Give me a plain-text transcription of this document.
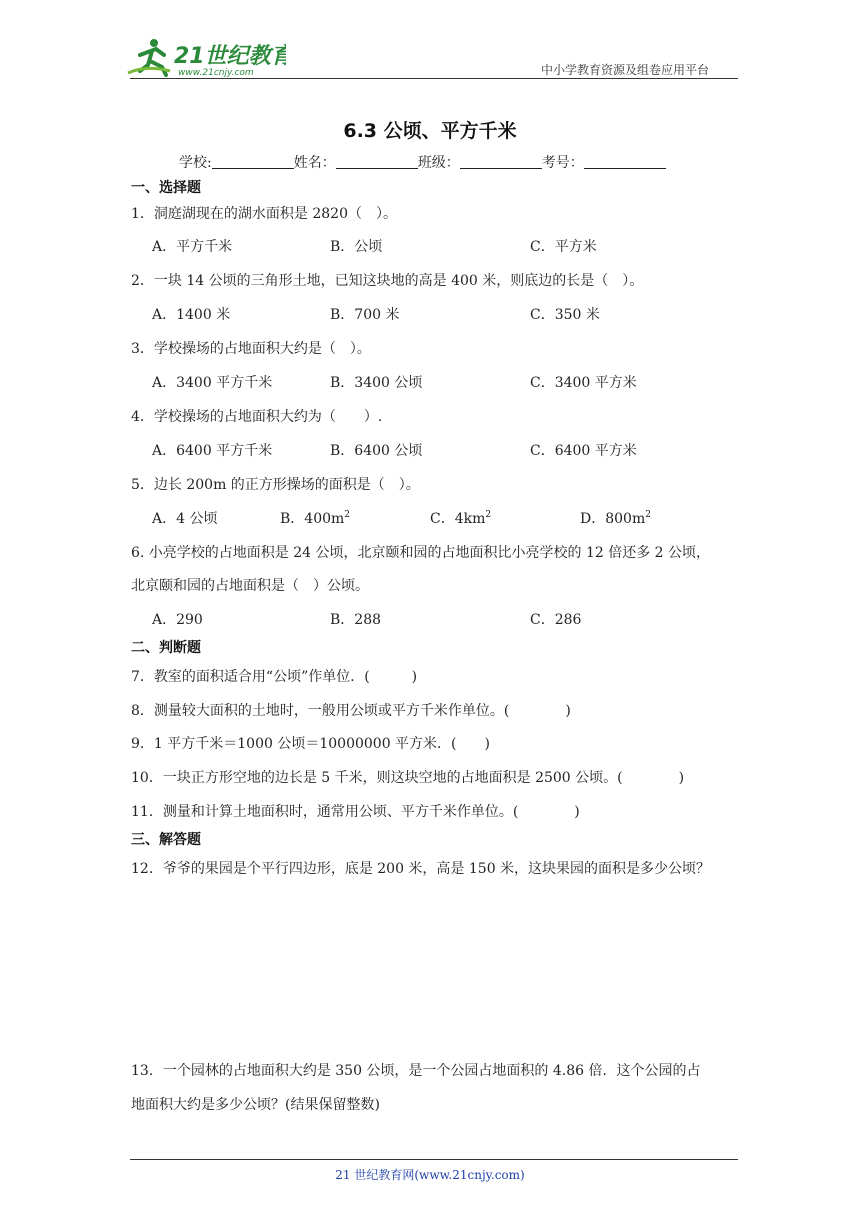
21世纪教育
www.21cnjy.com	中小学教育资源及组卷应用平台
6.3 公顷、平方千米
学校:	姓名：	班级：	考号：
一、选择题
1．洞庭湖现在的湖水面积是 2820（　）。
A．平方千米	B．公顷	C．平方米
2．一块 14 公顷的三角形土地，已知这块地的高是 400 米，则底边的长是（　）。
A．1400 米	B．700 米	C．350 米
3．学校操场的占地面积大约是（　）。
A．3400 平方千米	B．3400 公顷	C．3400 平方米
4．学校操场的占地面积大约为（　　）.
A．6400 平方千米	B．6400 公顷	C．6400 平方米
5．边长 200m 的正方形操场的面积是（　）。
A．4 公顷	B．$400m^2$	C．$4km^2$	D．$800m^2$
6. 小亮学校的占地面积是 24 公顷，北京颐和园的占地面积比小亮学校的 12 倍还多 2 公顷，
北京颐和园的占地面积是（　）公顷。
A．290	B．288	C．286
二、判断题
7．教室的面积适合用“公顷”作单位．(　　　)
8．测量较大面积的土地时，一般用公顷或平方千米作单位。(　　　　)
9．1 平方千米＝1000 公顷＝10000000 平方米．(　　)
10．一块正方形空地的边长是 5 千米，则这块空地的占地面积是 2500 公顷。(　　　　)
11．测量和计算土地面积时，通常用公顷、平方千米作单位。(　　　　)
三、解答题
12．爷爷的果园是个平行四边形，底是 200 米，高是 150 米，这块果园的面积是多少公顷？
13．一个园林的占地面积大约是 350 公顷，是一个公园占地面积的 4.86 倍．这个公园的占
地面积大约是多少公顷？(结果保留整数)
21 世纪教育网(www.21cnjy.com)
